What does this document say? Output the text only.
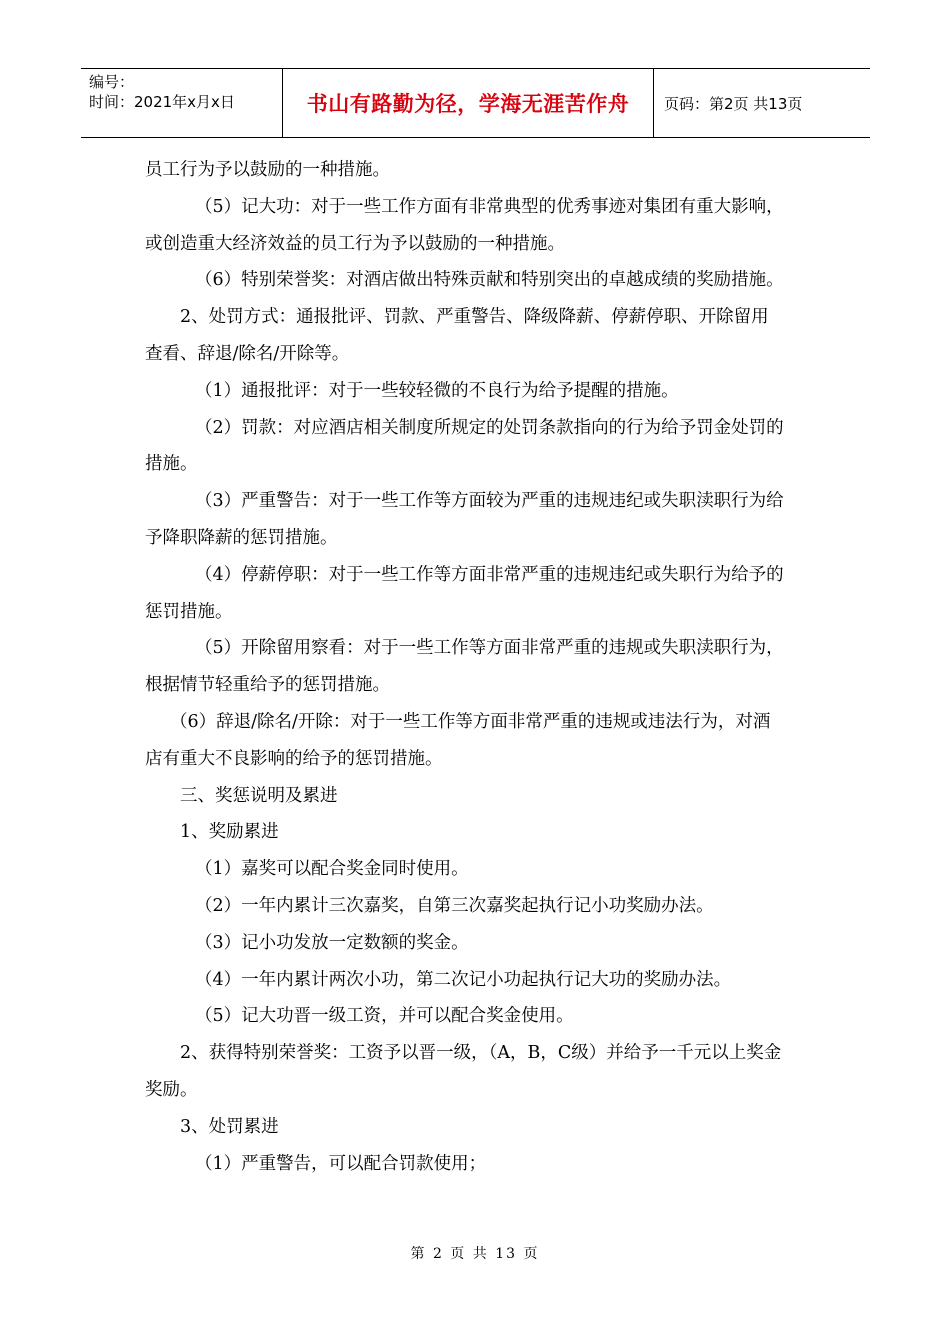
编号：
时间：2021年x月x日	书山有路勤为径，学海无涯苦作舟 页码：第2页 共13页

员工行为予以鼓励的一种措施。

（5）记大功：对于一些工作方面有非常典型的优秀事迹对集团有重大影响，或创造重大经济效益的员工行为予以鼓励的一种措施。

（6）特别荣誉奖：对酒店做出特殊贡献和特别突出的卓越成绩的奖励措施。

2、处罚方式：通报批评、罚款、严重警告、降级降薪、停薪停职、开除留用查看、辞退/除名/开除等。

（1）通报批评：对于一些较轻微的不良行为给予提醒的措施。

（2）罚款：对应酒店相关制度所规定的处罚条款指向的行为给予罚金处罚的措施。

（3）严重警告：对于一些工作等方面较为严重的违规违纪或失职渎职行为给予降职降薪的惩罚措施。

（4）停薪停职：对于一些工作等方面非常严重的违规违纪或失职行为给予的惩罚措施。

（5）开除留用察看：对于一些工作等方面非常严重的违规或失职渎职行为，根据情节轻重给予的惩罚措施。

（6）辞退/除名/开除：对于一些工作等方面非常严重的违规或违法行为，对酒店有重大不良影响的给予的惩罚措施。

三、奖惩说明及累进

1、奖励累进

（1）嘉奖可以配合奖金同时使用。

（2）一年内累计三次嘉奖，自第三次嘉奖起执行记小功奖励办法。

（3）记小功发放一定数额的奖金。

（4）一年内累计两次小功，第二次记小功起执行记大功的奖励办法。

（5）记大功晋一级工资，并可以配合奖金使用。

2、获得特别荣誉奖：工资予以晋一级，（A，B，C级）并给予一千元以上奖金奖励。

3、处罚累进

（1）严重警告，可以配合罚款使用；

第 2 页 共 13 页
